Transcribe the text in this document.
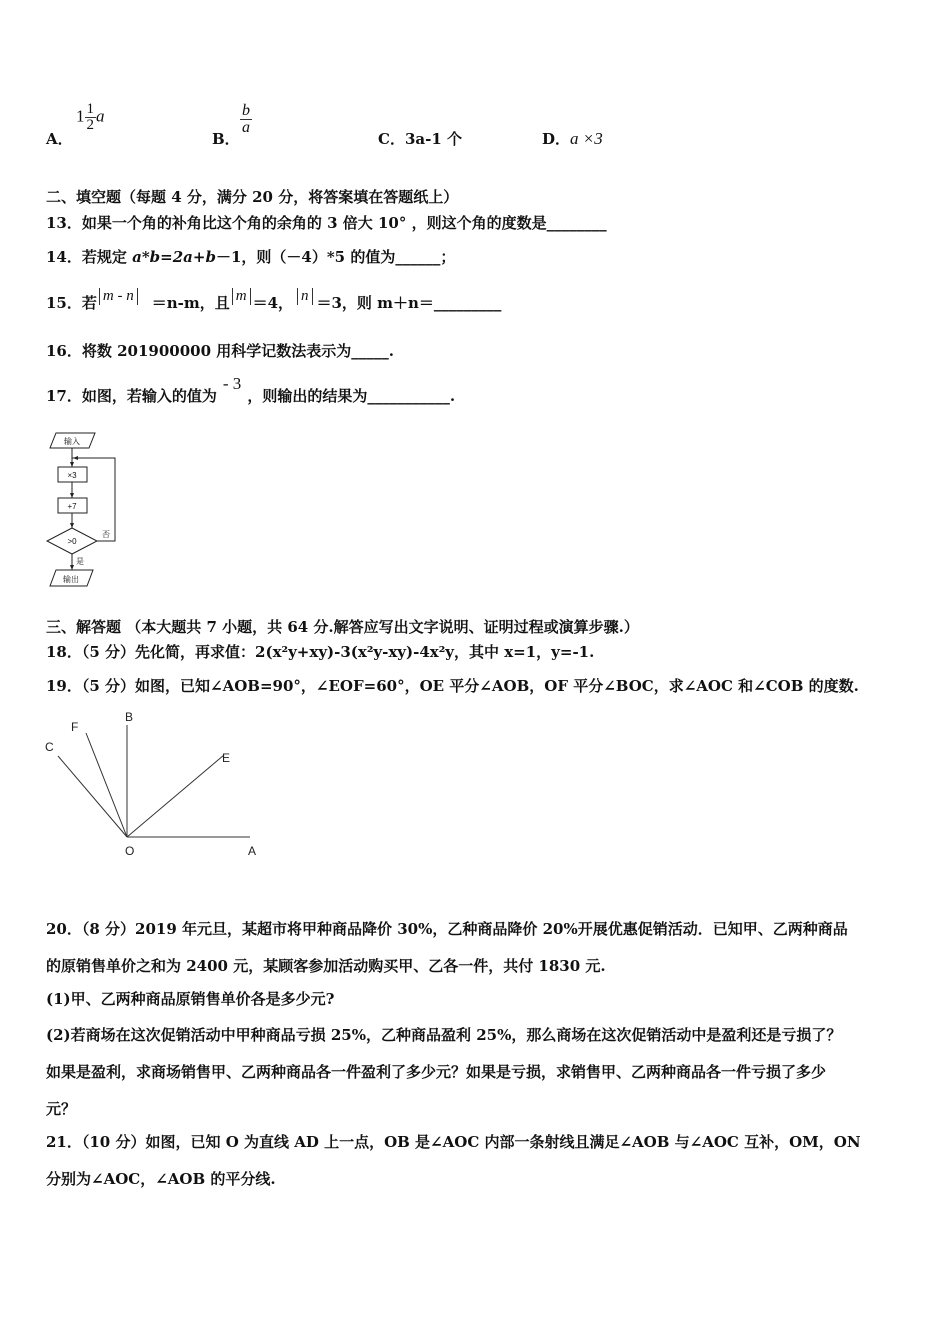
A．
$1 \frac{1}{2}$ a
B．
$\frac{b}{a}$
C．3a-1 个	D．a ×3
二、填空题（每题 4 分，满分 20 分，将答案填在答题纸上）
13．如果一个角的补角比这个角的余角的 3 倍大 10° ，则这个角的度数是________
14．若规定 a*b=2a+b－1，则（－4）*5 的值为______；
15．若 m - n ＝n-m，且 m ＝4， n ＝3，则 m＋n＝_________
16．将数 201900000 用科学记数法表示为_____.
17．如图，若输入的值为- 3，则输出的结果为___________.
输入
×3
+7
>0
否
是
输出
三、解答题 （本大题共 7 小题，共 64 分.解答应写出文字说明、证明过程或演算步骤.）
18．（5 分）先化简，再求值：2(x²y+xy)-3(x²y-xy)-4x²y，其中 x=1，y=-1.
19．（5 分）如图，已知∠AOB=90°，∠EOF=60°，OE 平分∠AOB，OF 平分∠BOC，求∠AOC 和∠COB 的度数.
B
F
C
E
O	A
20．（8 分）2019 年元旦，某超市将甲种商品降价 30%，乙种商品降价 20%开展优惠促销活动．已知甲、乙两种商品
的原销售单价之和为 2400 元，某顾客参加活动购买甲、乙各一件，共付 1830 元.
(1)甲、乙两种商品原销售单价各是多少元?
(2)若商场在这次促销活动中甲种商品亏损 25%，乙种商品盈利 25%，那么商场在这次促销活动中是盈利还是亏损了？
如果是盈利，求商场销售甲、乙两种商品各一件盈利了多少元？如果是亏损，求销售甲、乙两种商品各一件亏损了多少
元？
21．（10 分）如图，已知 O 为直线 AD 上一点，OB 是∠AOC 内部一条射线且满足∠AOB 与∠AOC 互补，OM，ON
分别为∠AOC，∠AOB 的平分线.
